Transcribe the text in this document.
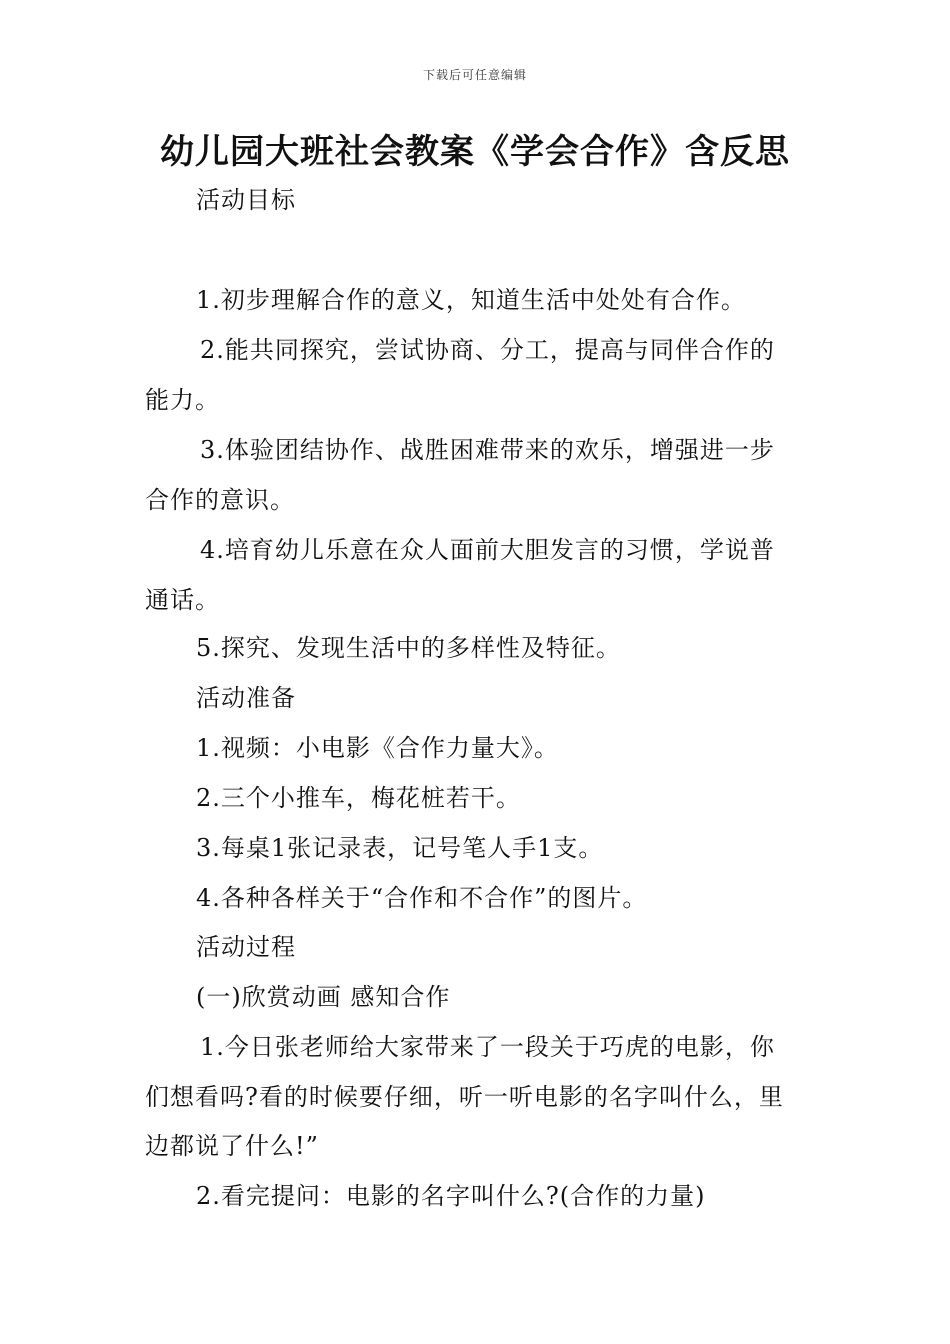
下载后可任意编辑
幼儿园大班社会教案《学会合作》含反思
活动目标
1.初步理解合作的意义，知道生活中处处有合作。
2.能共同探究，尝试协商、分工，提高与同伴合作的
能力。
3.体验团结协作、战胜困难带来的欢乐，增强进一步
合作的意识。
4.培育幼儿乐意在众人面前大胆发言的习惯，学说普
通话。
5.探究、发现生活中的多样性及特征。
活动准备
1.视频：小电影《合作力量大》。
2.三个小推车，梅花桩若干。
3.每桌1张记录表，记号笔人手1支。
4.各种各样关于“合作和不合作”的图片。
活动过程
(一)欣赏动画 感知合作
1.今日张老师给大家带来了一段关于巧虎的电影，你
们想看吗?看的时候要仔细，听一听电影的名字叫什么，里
边都说了什么!”
2.看完提问：电影的名字叫什么?(合作的力量)
